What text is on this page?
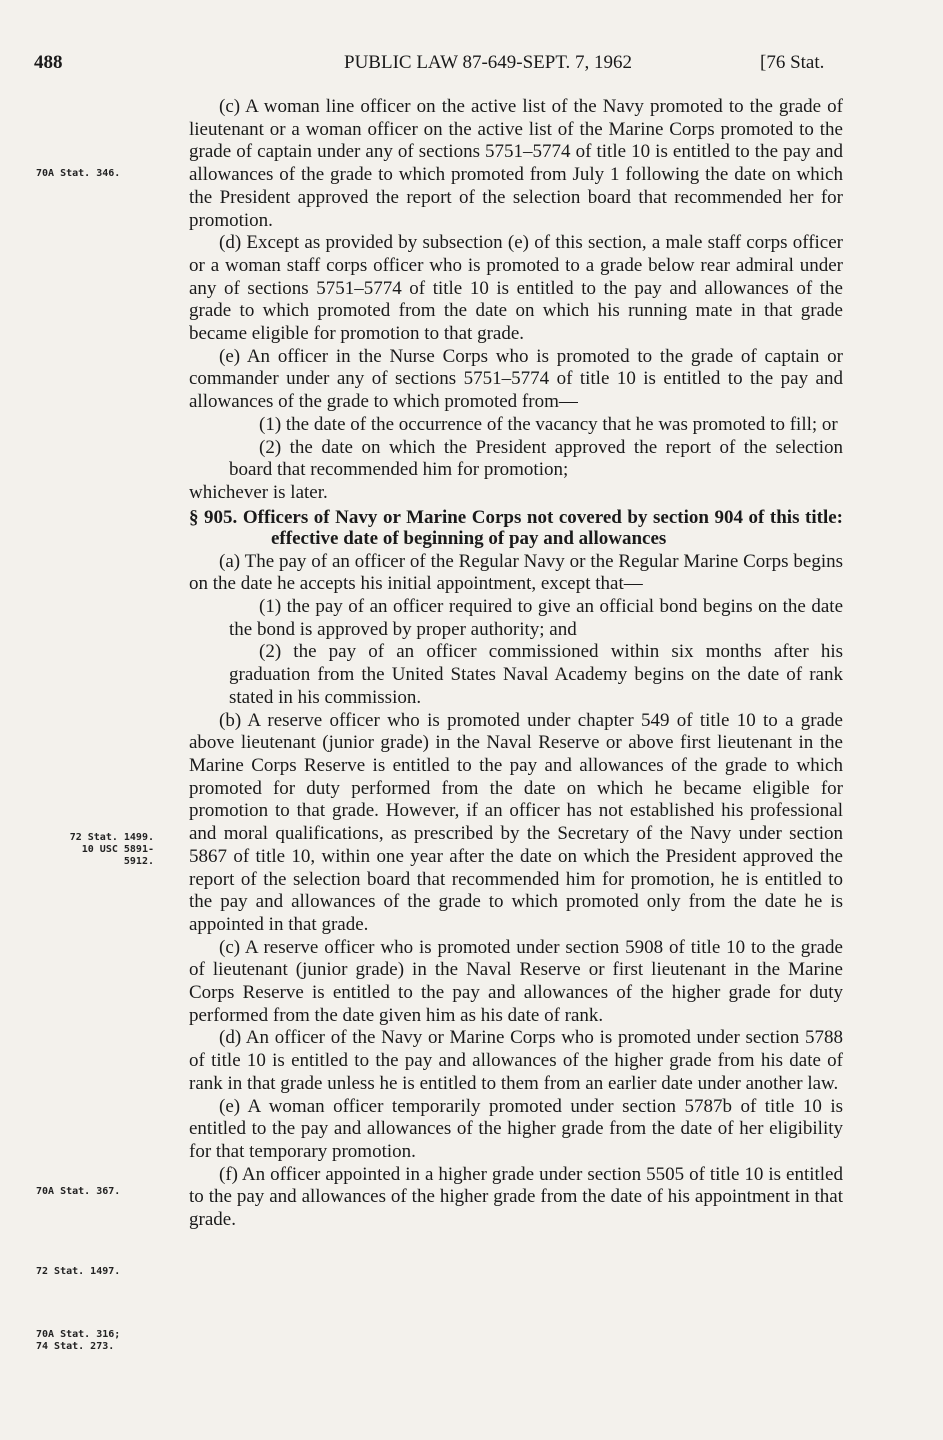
488	PUBLIC LAW 87-649-SEPT. 7, 1962	[76 Stat.
70A Stat. 346.
72 Stat. 1499.
10 USC 5891-
5912.
70A Stat. 367.
72 Stat. 1497.
70A Stat. 316;
74 Stat. 273.

(c) A woman line officer on the active list of the Navy promoted to the grade of lieutenant or a woman officer on the active list of the Marine Corps promoted to the grade of captain under any of sections 5751–5774 of title 10 is entitled to the pay and allowances of the grade to which promoted from July 1 following the date on which the President approved the report of the selection board that recommended her for promotion.

(d) Except as provided by subsection (e) of this section, a male staff corps officer or a woman staff corps officer who is promoted to a grade below rear admiral under any of sections 5751–5774 of title 10 is entitled to the pay and allowances of the grade to which promoted from the date on which his running mate in that grade became eligible for promotion to that grade.

(e) An officer in the Nurse Corps who is promoted to the grade of captain or commander under any of sections 5751–5774 of title 10 is entitled to the pay and allowances of the grade to which promoted from—

(1) the date of the occurrence of the vacancy that he was promoted to fill; or

(2) the date on which the President approved the report of the selection board that recommended him for promotion;

whichever is later.

§ 905. Officers of Navy or Marine Corps not covered by section 904 of this title: effective date of beginning of pay and allowances

(a) The pay of an officer of the Regular Navy or the Regular Marine Corps begins on the date he accepts his initial appointment, except that—

(1) the pay of an officer required to give an official bond begins on the date the bond is approved by proper authority; and

(2) the pay of an officer commissioned within six months after his graduation from the United States Naval Academy begins on the date of rank stated in his commission.

(b) A reserve officer who is promoted under chapter 549 of title 10 to a grade above lieutenant (junior grade) in the Naval Reserve or above first lieutenant in the Marine Corps Reserve is entitled to the pay and allowances of the grade to which promoted for duty performed from the date on which he became eligible for promotion to that grade. However, if an officer has not established his professional and moral qualifications, as prescribed by the Secretary of the Navy under section 5867 of title 10, within one year after the date on which the President approved the report of the selection board that recommended him for promotion, he is entitled to the pay and allowances of the grade to which promoted only from the date he is appointed in that grade.

(c) A reserve officer who is promoted under section 5908 of title 10 to the grade of lieutenant (junior grade) in the Naval Reserve or first lieutenant in the Marine Corps Reserve is entitled to the pay and allowances of the higher grade for duty performed from the date given him as his date of rank.

(d) An officer of the Navy or Marine Corps who is promoted under section 5788 of title 10 is entitled to the pay and allowances of the higher grade from his date of rank in that grade unless he is entitled to them from an earlier date under another law.

(e) A woman officer temporarily promoted under section 5787b of title 10 is entitled to the pay and allowances of the higher grade from the date of her eligibility for that temporary promotion.

(f) An officer appointed in a higher grade under section 5505 of title 10 is entitled to the pay and allowances of the higher grade from the date of his appointment in that grade.
